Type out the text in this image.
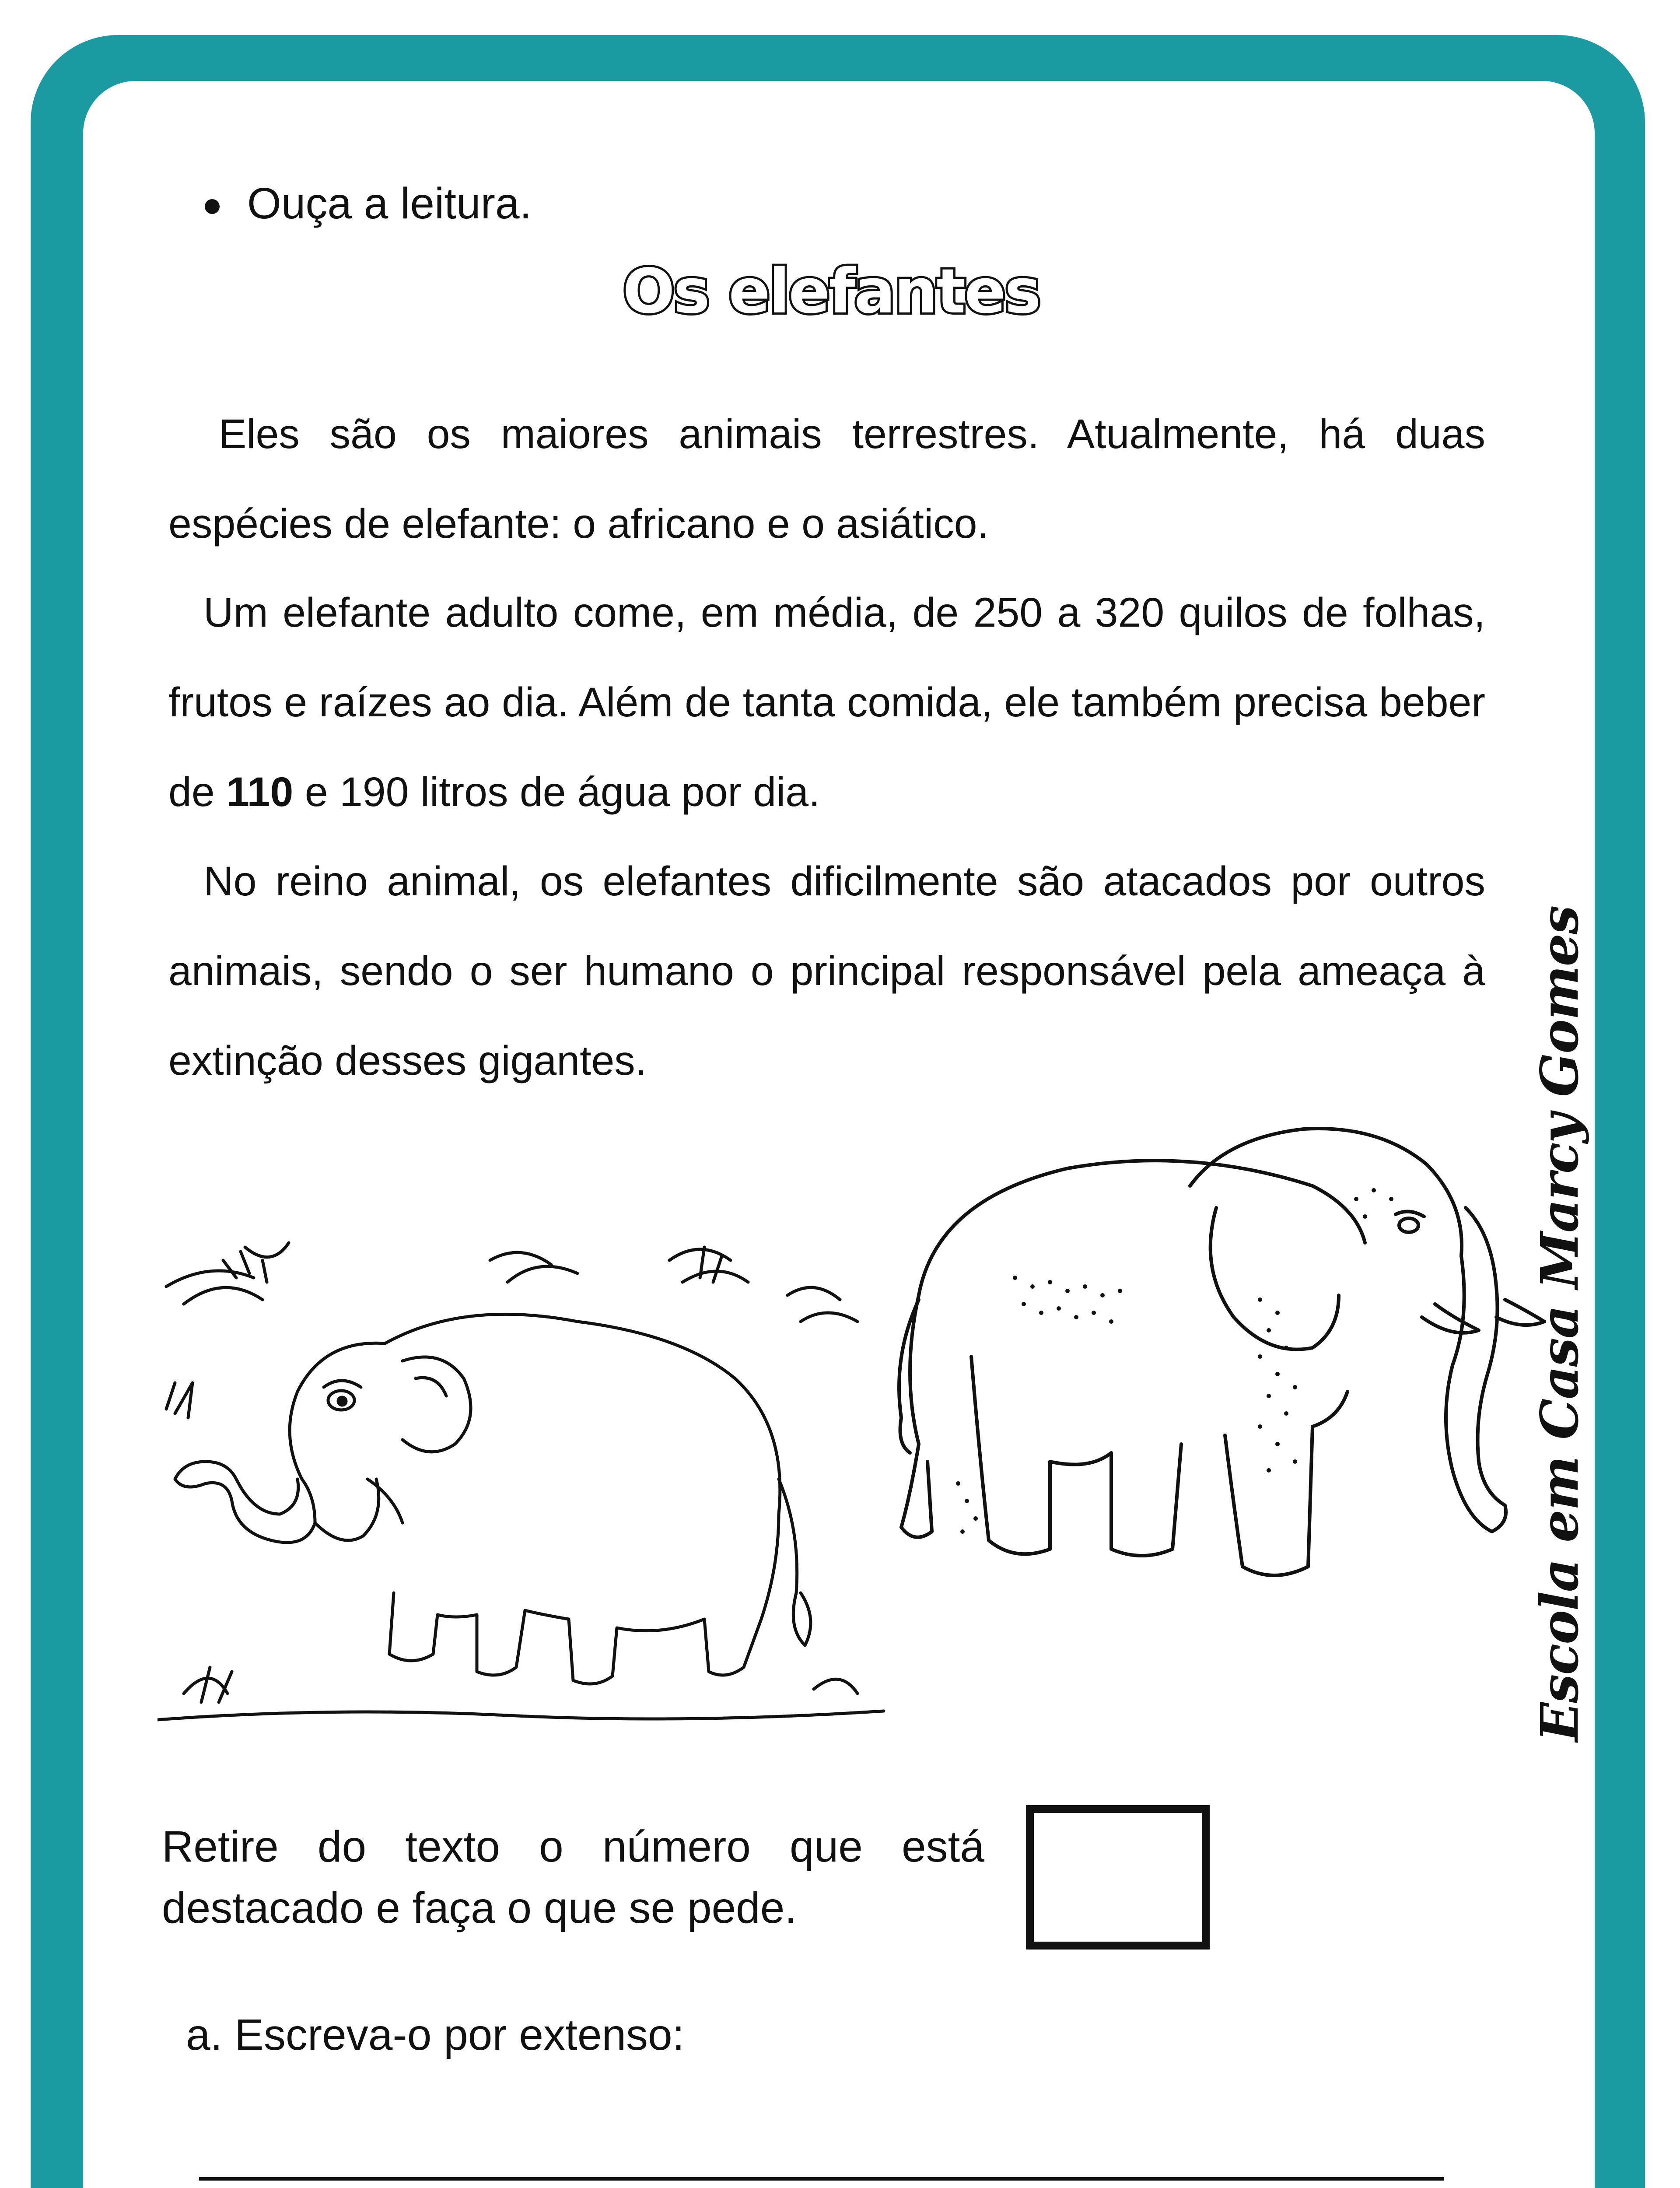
Ouça a leitura.
Os elefantes

Eles são os maiores animais terrestres. Atualmente, há duas espécies de elefante: o africano e o asiático.

Um elefante adulto come, em média, de 250 a 320 quilos de folhas, frutos e raízes ao dia. Além de tanta comida, ele também precisa beber de 110 e 190 litros de água por dia.

No reino animal, os elefantes dificilmente são atacados por outros animais, sendo o ser humano o principal responsável pela ameaça à extinção desses gigantes.	Escola em Casa Marcy Gomes
Retire do texto o número que está destacado e faça o que se pede.
a. Escreva-o por extenso:
